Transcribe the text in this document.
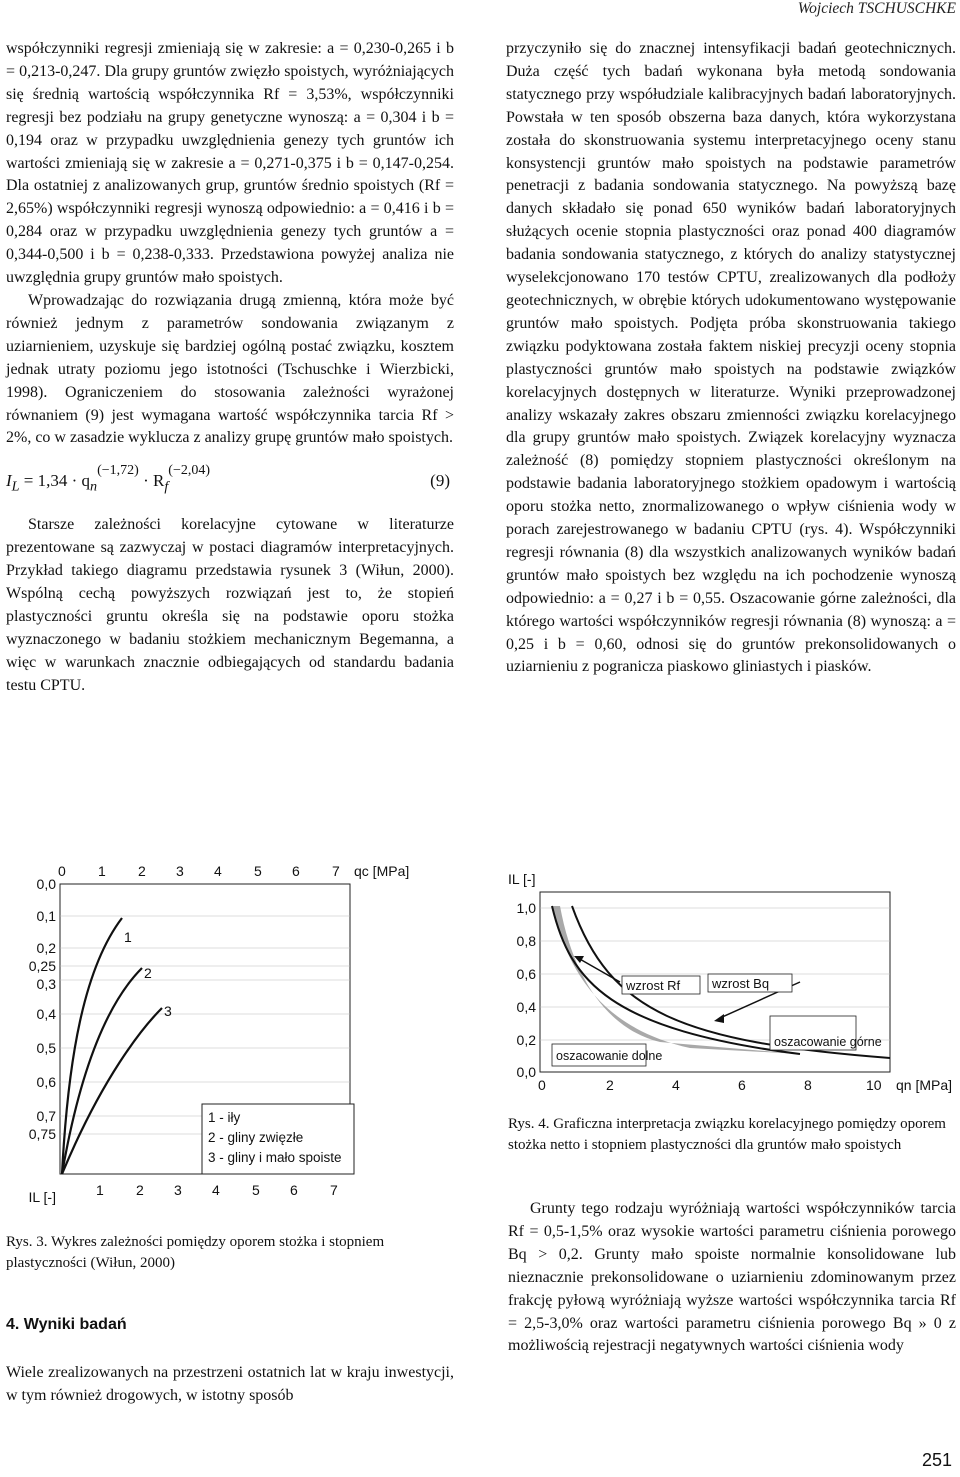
Wojciech TSCHUSCHKE

współczynniki regresji zmieniają się w zakresie: a = 0,230-0,265 i b = 0,213-0,247. Dla grupy gruntów zwięzło spoistych, wyróżniających się średnią wartością współczynnika Rf = 3,53%, współczynniki regresji bez podziału na grupy genetyczne wynoszą: a = 0,304 i b = 0,194 oraz w przypadku uwzględnienia genezy tych gruntów ich wartości zmieniają się w zakresie a = 0,271-0,375 i b = 0,147-0,254. Dla ostatniej z analizowanych grup, gruntów średnio spoistych (Rf = 2,65%) współczynniki regresji wynoszą odpowiednio: a = 0,416 i b = 0,284 oraz w przypadku uwzględnienia genezy tych gruntów a = 0,344-0,500 i b = 0,238-0,333. Przedstawiona powyżej analiza nie uwzględnia grupy gruntów mało spoistych.

Wprowadzając do rozwiązania drugą zmienną, która może być również jednym z parametrów sondowania związanym z uziarnieniem, uzyskuje się bardziej ogólną postać związku, kosztem jednak utraty poziomu jego istotności (Tschuschke i Wierzbicki, 1998). Ograniczeniem do stosowania zależności wyrażonej równaniem (9) jest wymagana wartość współczynnika tarcia Rf > 2%, co w zasadzie wyklucza z analizy grupę gruntów mało spoistych.

$I_L = 1,34 \cdot q_n^{(-1,72)} \cdot R_f^{(-2,04)}$
(9)

Starsze zależności korelacyjne cytowane w literaturze prezentowane są zazwyczaj w postaci diagramów interpretacyjnych. Przykład takiego diagramu przedstawia rysunek 3 (Wiłun, 2000). Wspólną cechą powyższych rozwiązań jest to, że stopień plastyczności gruntu określa się na podstawie oporu stożka wyznaczonego w badaniu stożkiem mechanicznym Begemanna, a więc w warunkach znacznie odbiegających od standardu badania testu CPTU.

przyczyniło się do znacznej intensyfikacji badań geotechnicznych. Duża część tych badań wykonana była metodą sondowania statycznego przy współudziale kalibracyjnych badań laboratoryjnych. Powstała w ten sposób obszerna baza danych, która wykorzystana została do skonstruowania systemu interpretacyjnego oceny stanu konsystencji gruntów mało spoistych na podstawie parametrów penetracji z badania sondowania statycznego. Na powyższą bazę danych składało się ponad 650 wyników badań laboratoryjnych służących ocenie stopnia plastyczności oraz ponad 400 diagramów badania sondowania statycznego, z których do analizy statystycznej wyselekcjonowano 170 testów CPTU, zrealizowanych dla podłoży geotechnicznych, w obrębie których udokumentowano występowanie gruntów mało spoistych. Podjęta próba skonstruowania takiego związku podyktowana została faktem niskiej precyzji oceny stopnia plastyczności gruntów mało spoistych na podstawie związków korelacyjnych dostępnych w literaturze. Wyniki przeprowadzonej analizy wskazały zakres obszaru zmienności związku korelacyjnego dla grupy gruntów mało spoistych. Związek korelacyjny wyznacza zależność (8) pomiędzy stopniem plastyczności określonym na podstawie badania laboratoryjnego stożkiem opadowym i wartością oporu stożka netto, znormalizowanego o wpływ ciśnienia wody w porach zarejestrowanego w badaniu CPTU (rys. 4). Współczynniki regresji równania (8) dla wszystkich analizowanych wyników badań gruntów mało spoistych bez względu na ich pochodzenie wynoszą odpowiednio: a = 0,27 i b = 0,55. Oszacowanie górne zależności, dla którego wartości współczynników regresji równania (8) wynoszą: a = 0,25 i b = 0,60, odnosi się do gruntów prekonsolidowanych o uziarnieniu z pogranicza piaskowo gliniastych i piasków.

0 1 2 3 4 5 6 7 qc [MPa]
0,0
0,1
0,2
0,25
0,3
0,4
0,5
0,6
0,7
0,75
IL [-]	1 2 3 4 5 6 7
1
2
3
1 - iły
2 - gliny zwięzłe
3 - gliny i mało spoiste
Rys. 3. Wykres zależności pomiędzy oporem stożka i stopniem plastyczności (Wiłun, 2000)
4. Wyniki badań

Wiele zrealizowanych na przestrzeni ostatnich lat w kraju inwestycji, w tym również drogowych, w istotny sposób

IL [-]
1,0
0,8
0,6
0,4
0,2
0,0
0	2	4	6	8	10 qn [MPa]
wzrost Rf wzrost Bq
oszacowanie górne
oszacowanie dolne
Rys. 4. Graficzna interpretacja związku korelacyjnego pomiędzy oporem stożka netto i stopniem plastyczności dla gruntów mało spoistych

Grunty tego rodzaju wyróżniają wartości współczynników tarcia Rf = 0,5-1,5% oraz wysokie wartości parametru ciśnienia porowego Bq > 0,2. Grunty mało spoiste normalnie konsolidowane lub nieznacznie prekonsolidowane o uziarnieniu zdominowanym przez frakcję pyłową wyróżniają wyższe wartości współczynnika tarcia Rf = 2,5-3,0% oraz wartości parametru ciśnienia porowego Bq » 0 z możliwością rejestracji negatywnych wartości ciśnienia wody

251
